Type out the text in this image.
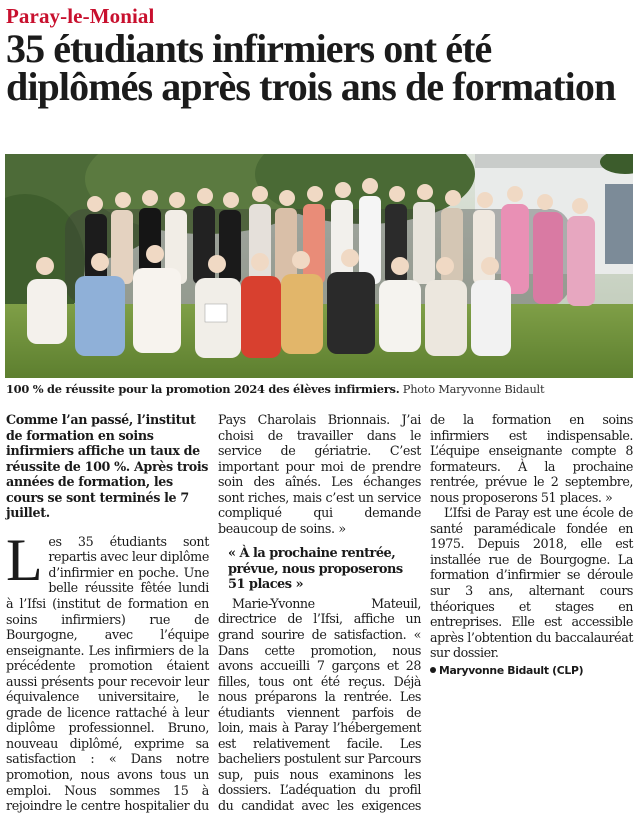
Paray-le-Monial
35 étudiants infirmiers ont été diplômés après trois ans de formation
100 % de réussite pour la promotion 2024 des élèves infirmiers. Photo Maryvonne Bidault

Comme l’an passé, l’institut de formation en soins infirmiers affiche un taux de réussite de 100 %. Après trois années de formation, les cours se sont terminés le 7 juillet.

Les 35 étudiants sont repartis avec leur diplôme d’infirmier en poche. Une belle réussite fêtée lundi à l’Ifsi (institut de formation en soins infirmiers) rue de Bourgogne, avec l’équipe enseignante. Les infirmiers de la précédente promotion étaient aussi présents pour recevoir leur équivalence universitaire, le grade de licence rattaché à leur diplôme professionnel. Bruno, nouveau diplômé, exprime sa satisfaction : « Dans notre promotion, nous avons tous un emploi. Nous sommes 15 à rejoindre le centre hospitalier du Pays Charolais Brionnais. J’ai choisi de travailler dans le service de gériatrie. C’est important pour moi de prendre soin des aînés. Les échanges sont riches, mais c’est un service compliqué qui demande beaucoup de soins. »

« À la prochaine rentrée, prévue, nous proposerons 51 places »

Marie-Yvonne Mateuil, directrice de l’Ifsi, affiche un grand sourire de satisfaction. « Dans cette promotion, nous avons accueilli 7 garçons et 28 filles, tous ont été reçus. Déjà nous préparons la rentrée. Les étudiants viennent parfois de loin, mais à Paray l’hébergement est relativement facile. Les bacheliers postulent sur Parcours sup, puis nous examinons les dossiers. L’adéquation du profil du candidat avec les exigences de la formation en soins infirmiers est indispensable. L’équipe enseignante compte 8 formateurs. À la prochaine rentrée, prévue le 2 septembre, nous proposerons 51 places. »

L’Ifsi de Paray est une école de santé paramédicale fondée en 1975. Depuis 2018, elle est installée rue de Bourgogne. La formation d’infirmier se déroule sur 3 ans, alternant cours théoriques et stages en entreprises. Elle est accessible après l’obtention du baccalauréat sur dossier.

Maryvonne Bidault (CLP)
